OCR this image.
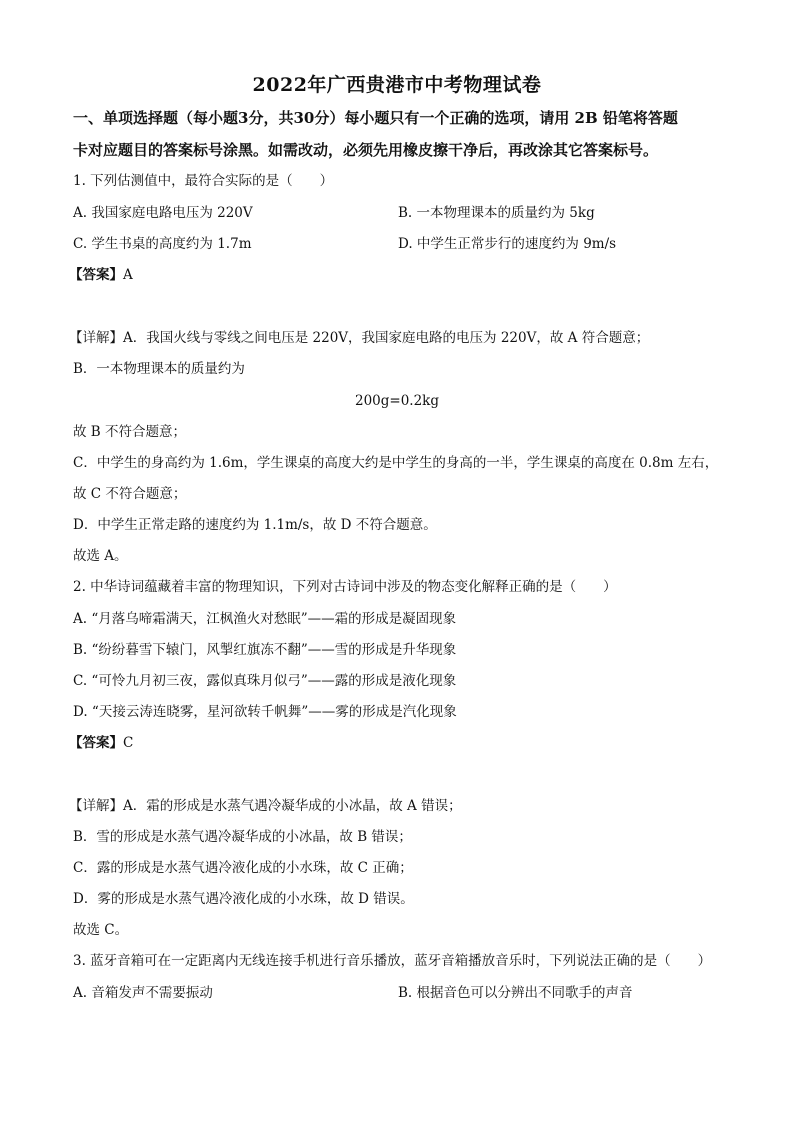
2022年广西贵港市中考物理试卷
一、单项选择题（每小题3分，共30分）每小题只有一个正确的选项，请用 2B 铅笔将答题
卡对应题目的答案标号涂黑。如需改动，必须先用橡皮擦干净后，再改涂其它答案标号。
1. 下列估测值中，最符合实际的是（　　）
A. 我国家庭电路电压为 220V	B. 一本物理课本的质量约为 5kg
C. 学生书桌的高度约为 1.7m	D. 中学生正常步行的速度约为 9m/s
【答案】A
【详解】A．我国火线与零线之间电压是 220V，我国家庭电路的电压为 220V，故 A 符合题意；
B．一本物理课本的质量约为
200g=0.2kg
故 B 不符合题意；
C．中学生的身高约为 1.6m，学生课桌的高度大约是中学生的身高的一半，学生课桌的高度在 0.8m 左右，
故 C 不符合题意；
D．中学生正常走路的速度约为 1.1m/s，故 D 不符合题意。
故选 A。
2. 中华诗词蕴藏着丰富的物理知识，下列对古诗词中涉及的物态变化解释正确的是（　　）
A. “月落乌啼霜满天，江枫渔火对愁眠”——霜的形成是凝固现象
B. “纷纷暮雪下辕门，风掣红旗冻不翻”——雪的形成是升华现象
C. “可怜九月初三夜，露似真珠月似弓”——露的形成是液化现象
D. “天接云涛连晓雾，星河欲转千帆舞”——雾的形成是汽化现象
【答案】C
【详解】A．霜的形成是水蒸气遇冷凝华成的小冰晶，故 A 错误；
B．雪的形成是水蒸气遇冷凝华成的小冰晶，故 B 错误；
C．露的形成是水蒸气遇冷液化成的小水珠，故 C 正确；
D．雾的形成是水蒸气遇冷液化成的小水珠，故 D 错误。
故选 C。
3. 蓝牙音箱可在一定距离内无线连接手机进行音乐播放，蓝牙音箱播放音乐时，下列说法正确的是（　　）
A. 音箱发声不需要振动	B. 根据音色可以分辨出不同歌手的声音
